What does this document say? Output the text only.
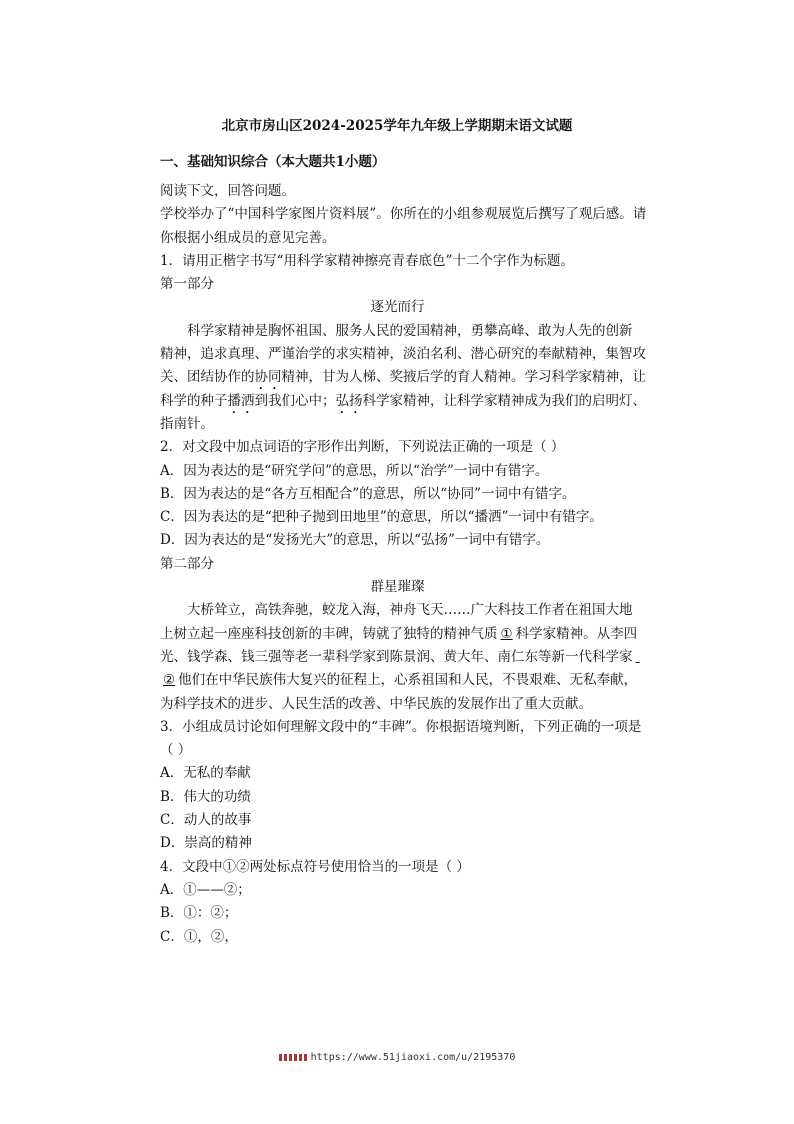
北京市房山区2024-2025学年九年级上学期期末语文试题
一、基础知识综合（本大题共1小题）
阅读下文，回答问题。
学校举办了“中国科学家图片资料展”。你所在的小组参观展览后撰写了观后感。请
你根据小组成员的意见完善。
1．请用正楷字书写“用科学家精神擦亮青春底色”十二个字作为标题。
第一部分
逐光而行
科学家精神是胸怀祖国、服务人民的爱国精神，勇攀高峰、敢为人先的创新
精神，追求真理、严谨治学的求实精神，淡泊名利、潜心研究的奉献精神，集智攻
关、团结协作的协同精神，甘为人梯、奖掖后学的育人精神。学习科学家精神，让
科学的种子播洒到我们心中；弘扬科学家精神，让科学家精神成为我们的启明灯、
指南针。
2．对文段中加点词语的字形作出判断，下列说法正确的一项是（ ）
A．因为表达的是“研究学问”的意思，所以“治学”一词中有错字。
B．因为表达的是“各方互相配合”的意思，所以“协同”一词中有错字。
C．因为表达的是“把种子抛到田地里”的意思，所以“播洒”一词中有错字。
D．因为表达的是“发扬光大”的意思，所以“弘扬”一词中有错字。
第二部分
群星璀璨
大桥耸立，高铁奔驰，蛟龙入海，神舟飞天……广大科技工作者在祖国大地
上树立起一座座科技创新的丰碑，铸就了独特的精神气质 ① 科学家精神。从李四
光、钱学森、钱三强等老一辈科学家到陈景润、黄大年、南仁东等新一代科学家
② 他们在中华民族伟大复兴的征程上，心系祖国和人民，不畏艰难、无私奉献，
为科学技术的进步、人民生活的改善、中华民族的发展作出了重大贡献。
3．小组成员讨论如何理解文段中的“丰碑”。你根据语境判断，下列正确的一项是
（ ）
A．无私的奉献
B．伟大的功绩
C．动人的故事
D．崇高的精神
4．文段中①②两处标点符号使用恰当的一项是（ ）
A．①——②；
B．①：②；
C．①，②，
https://www.51jiaoxi.com/u/2195370
